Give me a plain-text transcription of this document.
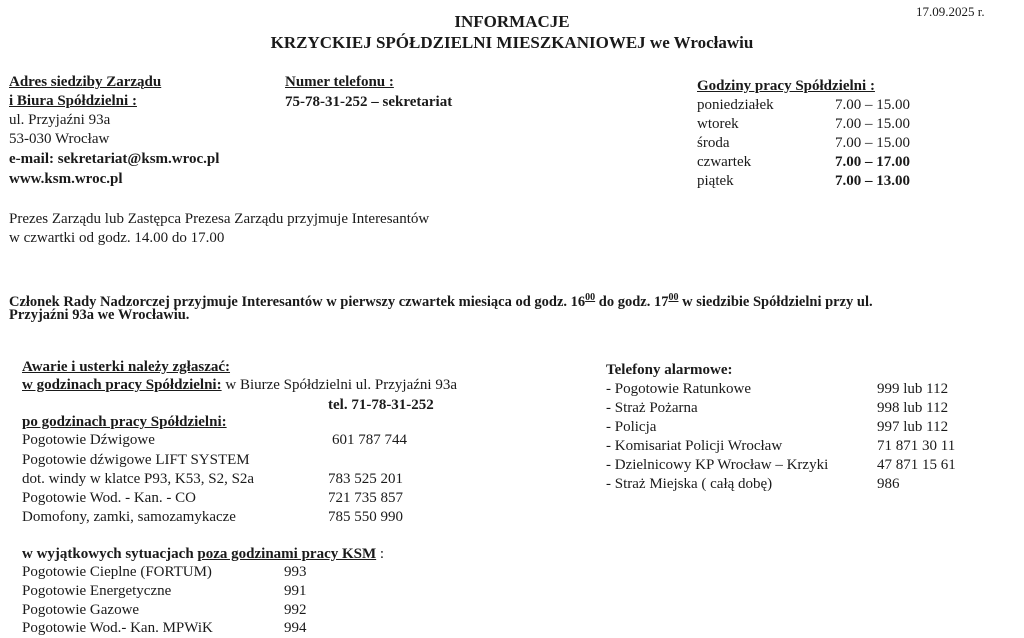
17.09.2025 r.
INFORMACJE
KRZYCKIEJ SPÓŁDZIELNI MIESZKANIOWEJ we Wrocławiu
Adres siedziby Zarządu
i Biura Spółdzielni :
ul. Przyjaźni 93a
53-030 Wrocław
e-mail: sekretariat@ksm.wroc.pl
www.ksm.wroc.pl
Numer telefonu :
75-78-31-252 – sekretariat
Godziny pracy Spółdzielni :
poniedziałek	7.00 – 15.00
wtorek	7.00 – 15.00
środa	7.00 – 15.00
czwartek	7.00 – 17.00
piątek	7.00 – 13.00
Prezes Zarządu lub Zastępca Prezesa Zarządu przyjmuje Interesantów
w czwartki od godz. 14.00 do 17.00
Członek Rady Nadzorczej przyjmuje Interesantów w pierwszy czwartek miesiąca od godz. $16^{00}$ do godz. $17^{00}$ w siedzibie Spółdzielni przy ul.
Przyjaźni 93a we Wrocławiu.
Awarie i usterki należy zgłaszać:
w godzinach pracy Spółdzielni: w Biurze Spółdzielni ul. Przyjaźni 93a
tel. 71-78-31-252
po godzinach pracy Spółdzielni:
Pogotowie Dźwigowe	601 787 744
Pogotowie dźwigowe LIFT SYSTEM
dot. windy w klatce P93, K53, S2, S2a	783 525 201
Pogotowie Wod. - Kan. - CO	721 735 857
Domofony, zamki, samozamykacze	785 550 990
w wyjątkowych sytuacjach poza godzinami pracy KSM :
Pogotowie Cieplne (FORTUM)	993
Pogotowie Energetyczne	991
Pogotowie Gazowe	992
Pogotowie Wod.- Kan. MPWiK	994
Telefony alarmowe:
- Pogotowie Ratunkowe	999 lub 112
- Straż Pożarna	998 lub 112
- Policja	997 lub 112
- Komisariat Policji Wrocław	71 871 30 11
- Dzielnicowy KP Wrocław – Krzyki	47 871 15 61
- Straż Miejska ( całą dobę)	986
